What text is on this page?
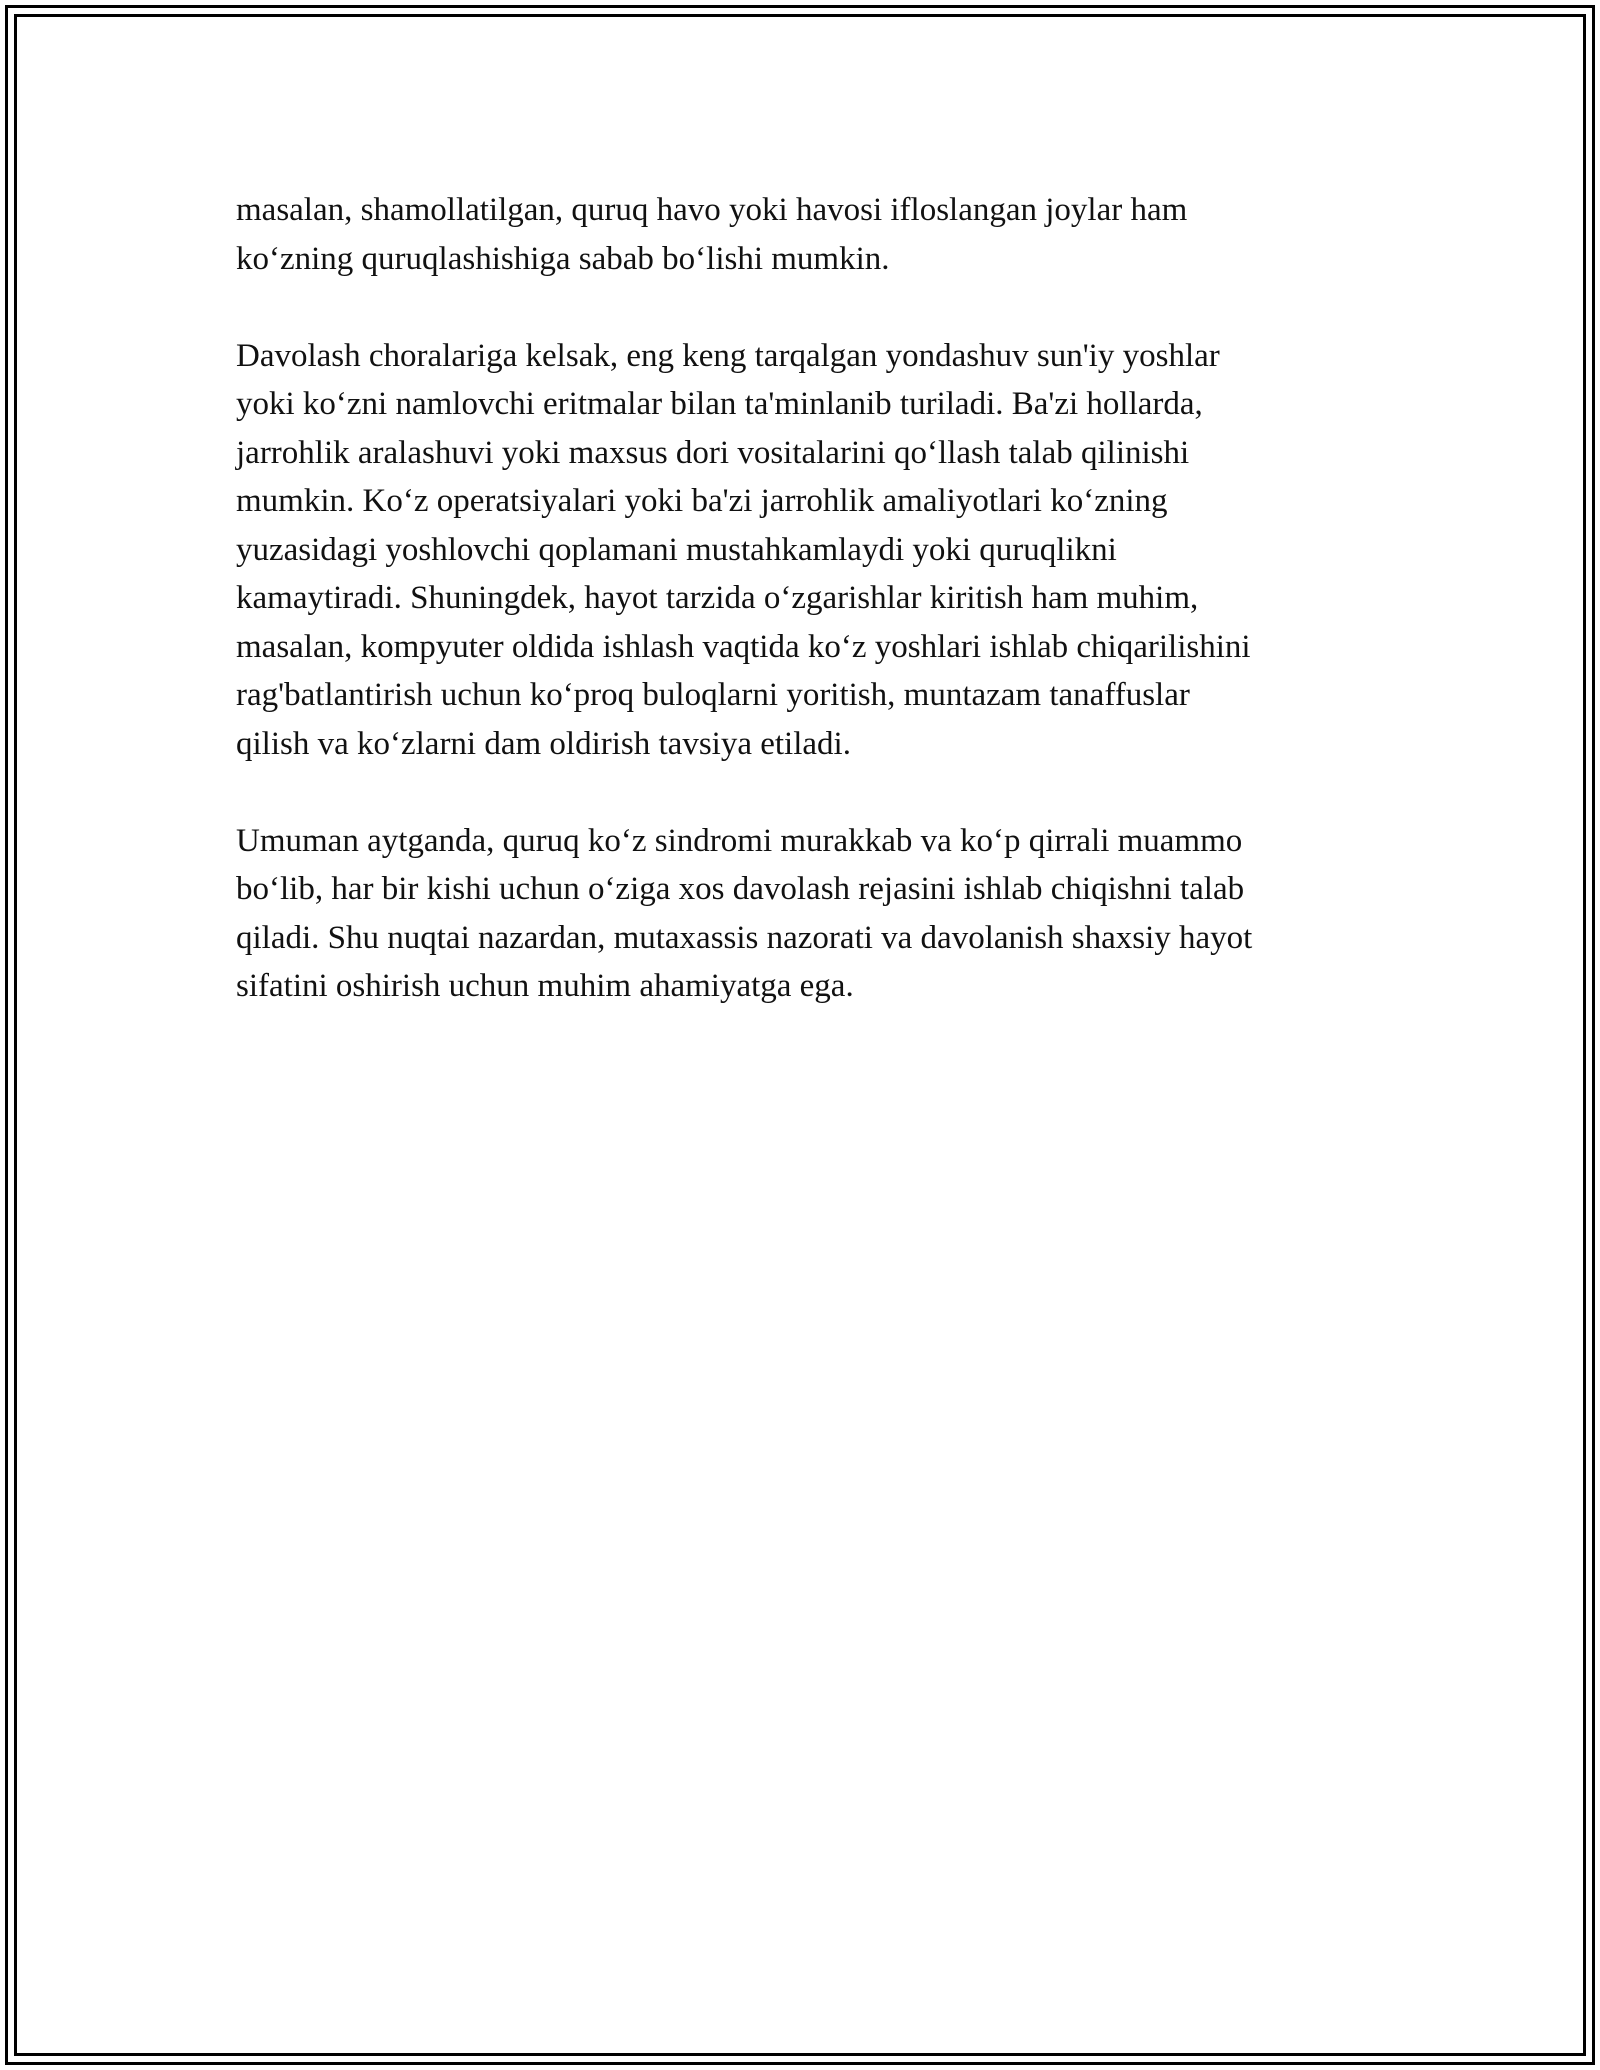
masalan, shamollatilgan, quruq havo yoki havosi ifloslangan joylar ham
ko‘zning quruqlashishiga sabab bo‘lishi mumkin.
Davolash choralariga kelsak, eng keng tarqalgan yondashuv sun'iy yoshlar
yoki ko‘zni namlovchi eritmalar bilan ta'minlanib turiladi. Ba'zi hollarda,
jarrohlik aralashuvi yoki maxsus dori vositalarini qo‘llash talab qilinishi
mumkin. Ko‘z operatsiyalari yoki ba'zi jarrohlik amaliyotlari ko‘zning
yuzasidagi yoshlovchi qoplamani mustahkamlaydi yoki quruqlikni
kamaytiradi. Shuningdek, hayot tarzida o‘zgarishlar kiritish ham muhim,
masalan, kompyuter oldida ishlash vaqtida ko‘z yoshlari ishlab chiqarilishini
rag'batlantirish uchun ko‘proq buloqlarni yoritish, muntazam tanaffuslar
qilish va ko‘zlarni dam oldirish tavsiya etiladi.
Umuman aytganda, quruq ko‘z sindromi murakkab va ko‘p qirrali muammo
bo‘lib, har bir kishi uchun o‘ziga xos davolash rejasini ishlab chiqishni talab
qiladi. Shu nuqtai nazardan, mutaxassis nazorati va davolanish shaxsiy hayot
sifatini oshirish uchun muhim ahamiyatga ega.
